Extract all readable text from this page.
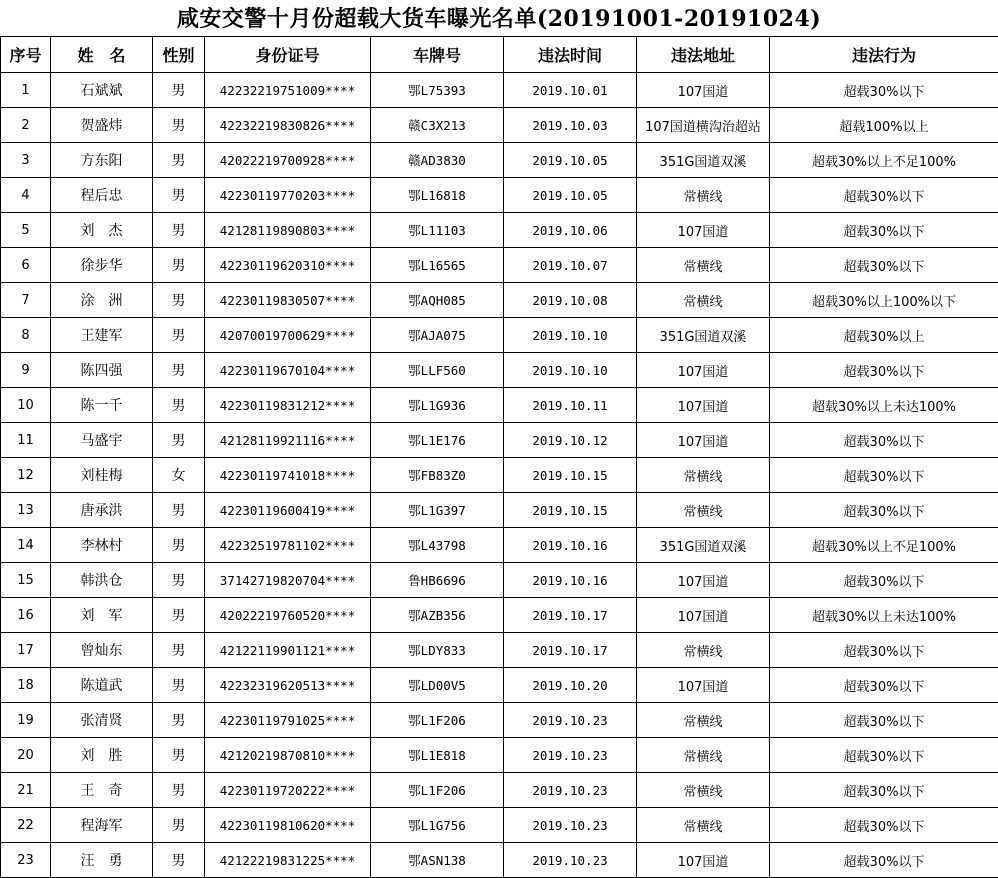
咸安交警十月份超载大货车曝光名单(20191001-20191024)
序号	姓　名	性别	身份证号	车牌号	违法时间	违法地址	违法行为
1	石斌斌	男	42232219751009****	鄂L75393	2019.10.01	107国道	超载30%以下
2	贺盛炜	男	42232219830826****	赣C3X213	2019.10.03	107国道横沟治超站	超载100%以上
3	方东阳	男	42022219700928****	赣AD3830	2019.10.05	351G国道双溪	超载30%以上不足100%
4	程后忠	男	42230119770203****	鄂L16818	2019.10.05	常横线	超载30%以下
5	刘　杰	男	42128119890803****	鄂L11103	2019.10.06	107国道	超载30%以下
6	徐步华	男	42230119620310****	鄂L16565	2019.10.07	常横线	超载30%以下
7	涂　洲	男	42230119830507****	鄂AQH085	2019.10.08	常横线	超载30%以上100%以下
8	王建军	男	42070019700629****	鄂AJA075	2019.10.10	351G国道双溪	超载30%以上
9	陈四强	男	42230119670104****	鄂LLF560	2019.10.10	107国道	超载30%以下
10	陈一千	男	42230119831212****	鄂L1G936	2019.10.11	107国道	超载30%以上未达100%
11	马盛宇	男	42128119921116****	鄂L1E176	2019.10.12	107国道	超载30%以下
12	刘桂梅	女	42230119741018****	鄂FB83Z0	2019.10.15	常横线	超载30%以下
13	唐承洪	男	42230119600419****	鄂L1G397	2019.10.15	常横线	超载30%以下
14	李林村	男	42232519781102****	鄂L43798	2019.10.16	351G国道双溪	超载30%以上不足100%
15	韩洪仓	男	37142719820704****	鲁HB6696	2019.10.16	107国道	超载30%以下
16	刘　军	男	42022219760520****	鄂AZB356	2019.10.17	107国道	超载30%以上未达100%
17	曾灿东	男	42122119901121****	鄂LDY833	2019.10.17	常横线	超载30%以下
18	陈道武	男	42232319620513****	鄂LD00V5	2019.10.20	107国道	超载30%以下
19	张清贤	男	42230119791025****	鄂L1F206	2019.10.23	常横线	超载30%以下
20	刘　胜	男	42120219870810****	鄂L1E818	2019.10.23	常横线	超载30%以下
21	王　奇	男	42230119720222****	鄂L1F206	2019.10.23	常横线	超载30%以下
22	程海军	男	42230119810620****	鄂L1G756	2019.10.23	常横线	超载30%以下
23	汪　勇	男	42122219831225****	鄂ASN138	2019.10.23	107国道	超载30%以下
